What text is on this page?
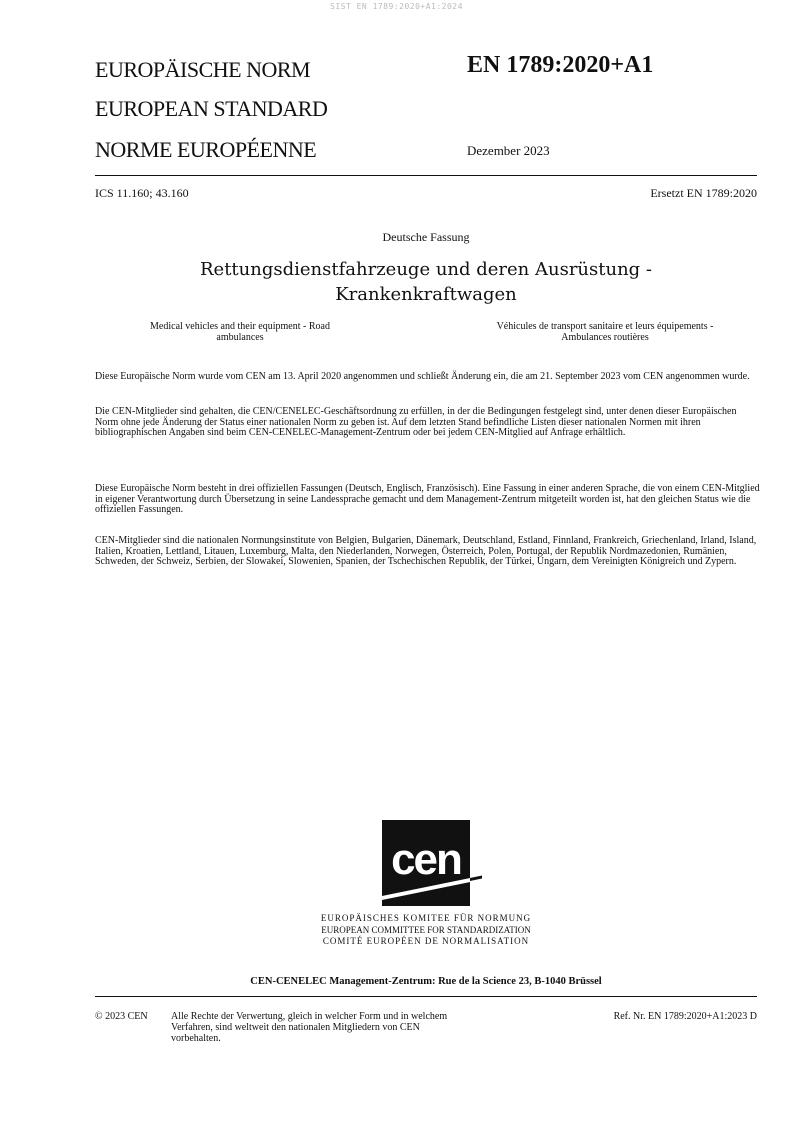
SIST EN 1789:2020+A1:2024
EUROPÄISCHE NORM
EUROPEAN STANDARD
NORME EUROPÉENNE
EN 1789:2020+A1
Dezember 2023
ICS 11.160; 43.160	Ersetzt EN 1789:2020
Deutsche Fassung
Rettungsdienstfahrzeuge und deren Ausrüstung -
Krankenkraftwagen
Medical vehicles and their equipment - Road
ambulances
Véhicules de transport sanitaire et leurs équipements -
Ambulances routières
Diese Europäische Norm wurde vom CEN am 13. April 2020 angenommen und schließt Änderung ein, die am 21. September 2023 vom CEN angenommen wurde.
Die CEN-Mitglieder sind gehalten, die CEN/CENELEC-Geschäftsordnung zu erfüllen, in der die Bedingungen festgelegt sind, unter denen dieser Europäischen Norm ohne jede Änderung der Status einer nationalen Norm zu geben ist. Auf dem letzten Stand befindliche Listen dieser nationalen Normen mit ihren bibliographischen Angaben sind beim CEN-CENELEC-Management-Zentrum oder bei jedem CEN-Mitglied auf Anfrage erhältlich.
Diese Europäische Norm besteht in drei offiziellen Fassungen (Deutsch, Englisch, Französisch). Eine Fassung in einer anderen Sprache, die von einem CEN-Mitglied in eigener Verantwortung durch Übersetzung in seine Landessprache gemacht und dem Management-Zentrum mitgeteilt worden ist, hat den gleichen Status wie die offiziellen Fassungen.
CEN-Mitglieder sind die nationalen Normungsinstitute von Belgien, Bulgarien, Dänemark, Deutschland, Estland, Finnland, Frankreich, Griechenland, Irland, Island, Italien, Kroatien, Lettland, Litauen, Luxemburg, Malta, den Niederlanden, Norwegen, Österreich, Polen, Portugal, der Republik Nordmazedonien, Rumänien, Schweden, der Schweiz, Serbien, der Slowakei, Slowenien, Spanien, der Tschechischen Republik, der Türkei, Ungarn, dem Vereinigten Königreich und Zypern.
cen
EUROPÄISCHES KOMITEE FÜR NORMUNG
EUROPEAN COMMITTEE FOR STANDARDIZATION
COMITÉ EUROPÉEN DE NORMALISATION
CEN-CENELEC Management-Zentrum: Rue de la Science 23, B-1040 Brüssel
© 2023 CEN Alle Rechte der Verwertung, gleich in welcher Form und in welchem
Verfahren, sind weltweit den nationalen Mitgliedern von CEN
vorbehalten.
Ref. Nr. EN 1789:2020+A1:2023 D
